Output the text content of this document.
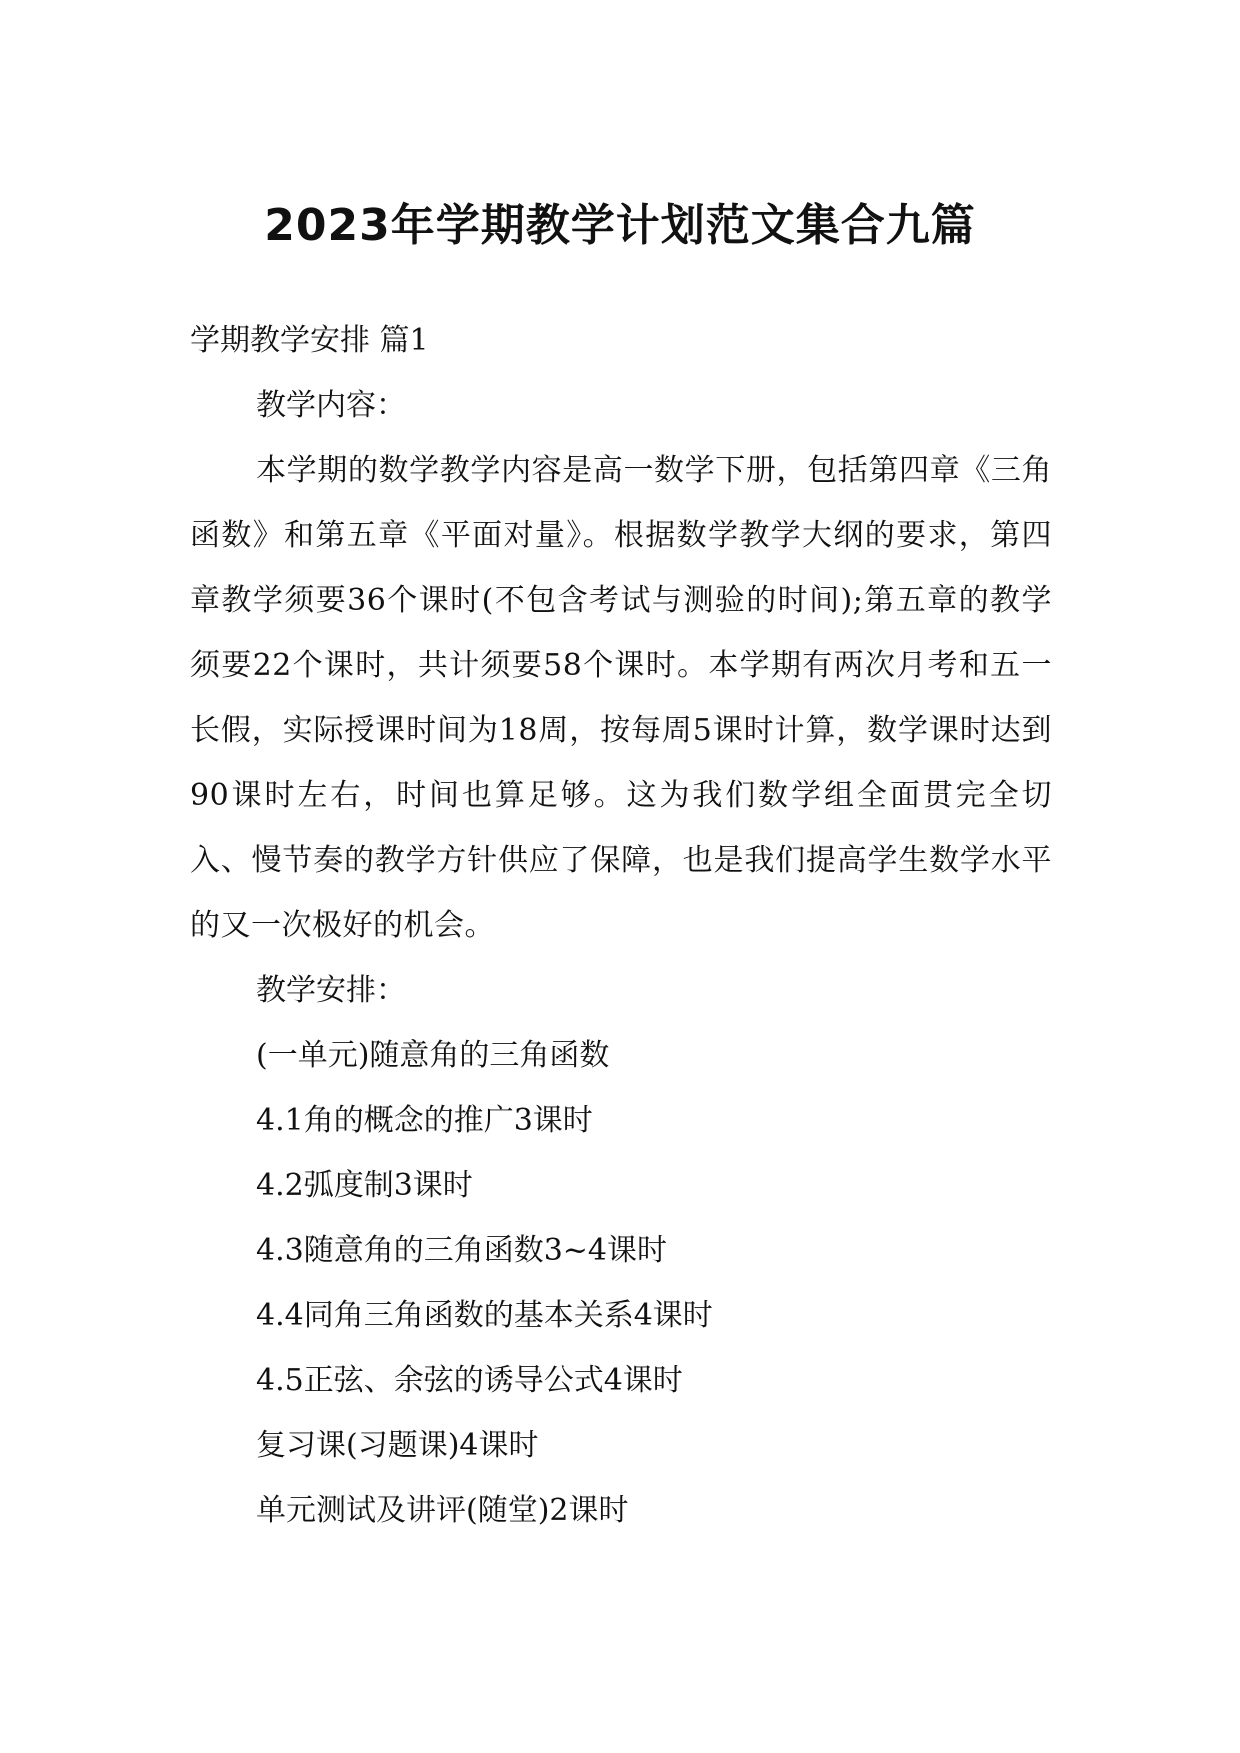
2023年学期教学计划范文集合九篇

学期教学安排 篇1

教学内容：

本学期的数学教学内容是高一数学下册，包括第四章《三角函数》和第五章《平面对量》。根据数学教学大纲的要求，第四章教学须要36个课时(不包含考试与测验的时间);第五章的教学须要22个课时，共计须要58个课时。本学期有两次月考和五一长假，实际授课时间为18周，按每周5课时计算，数学课时达到90课时左右，时间也算足够。这为我们数学组全面贯完全切入、慢节奏的教学方针供应了保障，也是我们提高学生数学水平的又一次极好的机会。

教学安排：

(一单元)随意角的三角函数

4.1角的概念的推广3课时

4.2弧度制3课时

4.3随意角的三角函数3~4课时

4.4同角三角函数的基本关系4课时

4.5正弦、余弦的诱导公式4课时

复习课(习题课)4课时

单元测试及讲评(随堂)2课时
